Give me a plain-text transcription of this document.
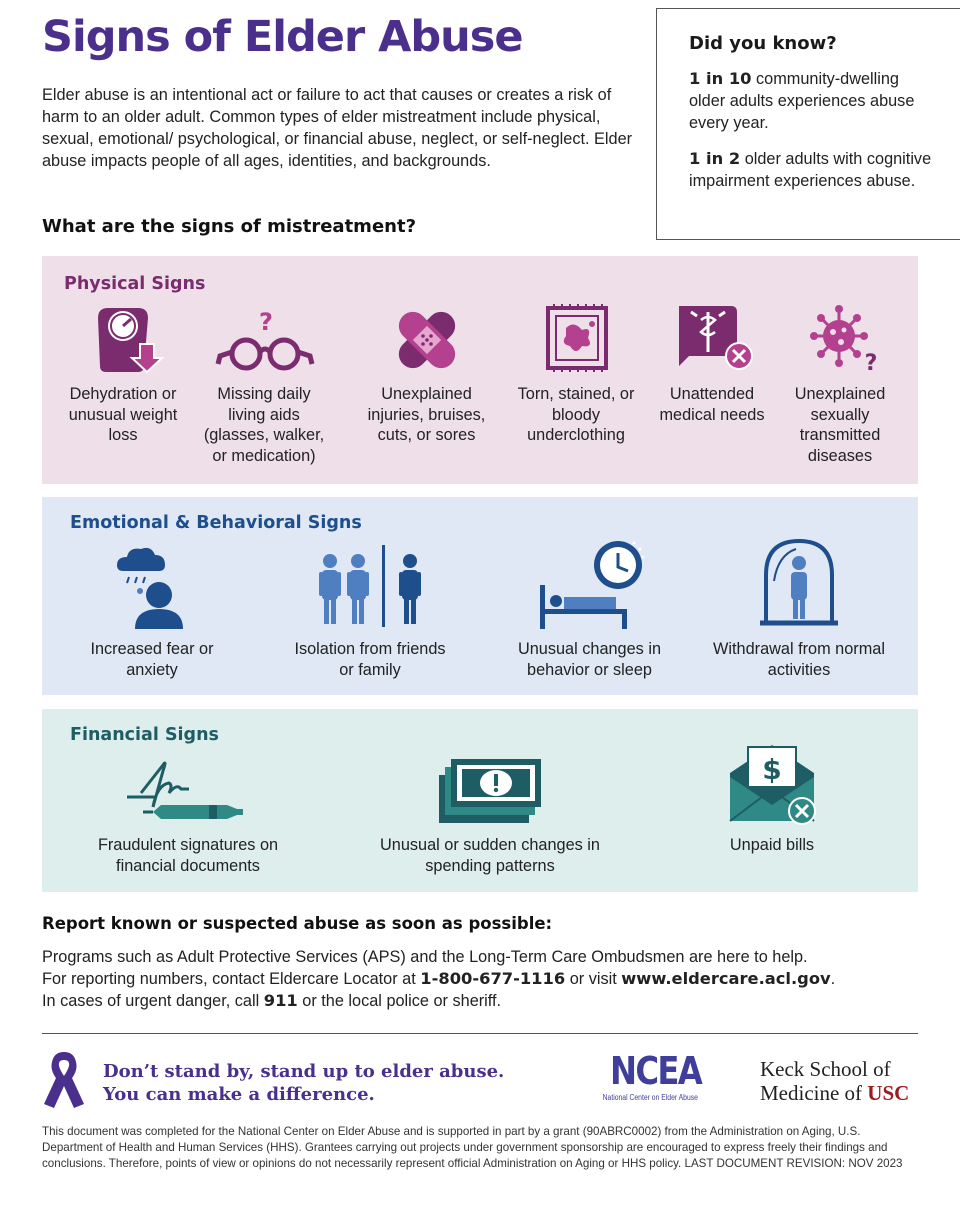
Signs of Elder Abuse
Elder abuse is an intentional act or failure to act that causes or creates a risk of harm to an older adult. Common types of elder mistreatment include physical, sexual, emotional/ psychological, or financial abuse, neglect, or self-neglect. Elder abuse impacts people of all ages, identities, and backgrounds.
Did you know?
1 in 10 community-dwelling older adults experiences abuse every year.
1 in 2 older adults with cognitive impairment experiences abuse.
What are the signs of mistreatment?
Physical Signs
Dehydration or unusual weight loss
?
Missing daily living aids (glasses, walker, or medication)
Unexplained injuries, bruises, cuts, or sores
Torn, stained, or bloody underclothing
Unattended medical needs
?
Unexplained sexually transmitted diseases
Emotional & Behavioral Signs
Increased fear or anxiety
Isolation from friends or family
Unusual changes in behavior or sleep
Withdrawal from normal activities
Financial Signs
Fraudulent signatures on financial documents
Unusual or sudden changes in spending patterns
$
Unpaid bills
Report known or suspected abuse as soon as possible:
Programs such as Adult Protective Services (APS) and the Long-Term Care Ombudsmen are here to help.
For reporting numbers, contact Eldercare Locator at 1-800-677-1116 or visit www.eldercare.acl.gov.
In cases of urgent danger, call 911 or the local police or sheriff.
Don’t stand by, stand up to elder abuse.
You can make a difference.
NCEA
National Center on Elder Abuse
Keck School of
Medicine of USC
This document was completed for the National Center on Elder Abuse and is supported in part by a grant (90ABRC0002) from the Administration on Aging, U.S. Department of Health and Human Services (HHS). Grantees carrying out projects under government sponsorship are encouraged to express freely their findings and conclusions. Therefore, points of view or opinions do not necessarily represent official Administration on Aging or HHS policy. LAST DOCUMENT REVISION: NOV 2023
